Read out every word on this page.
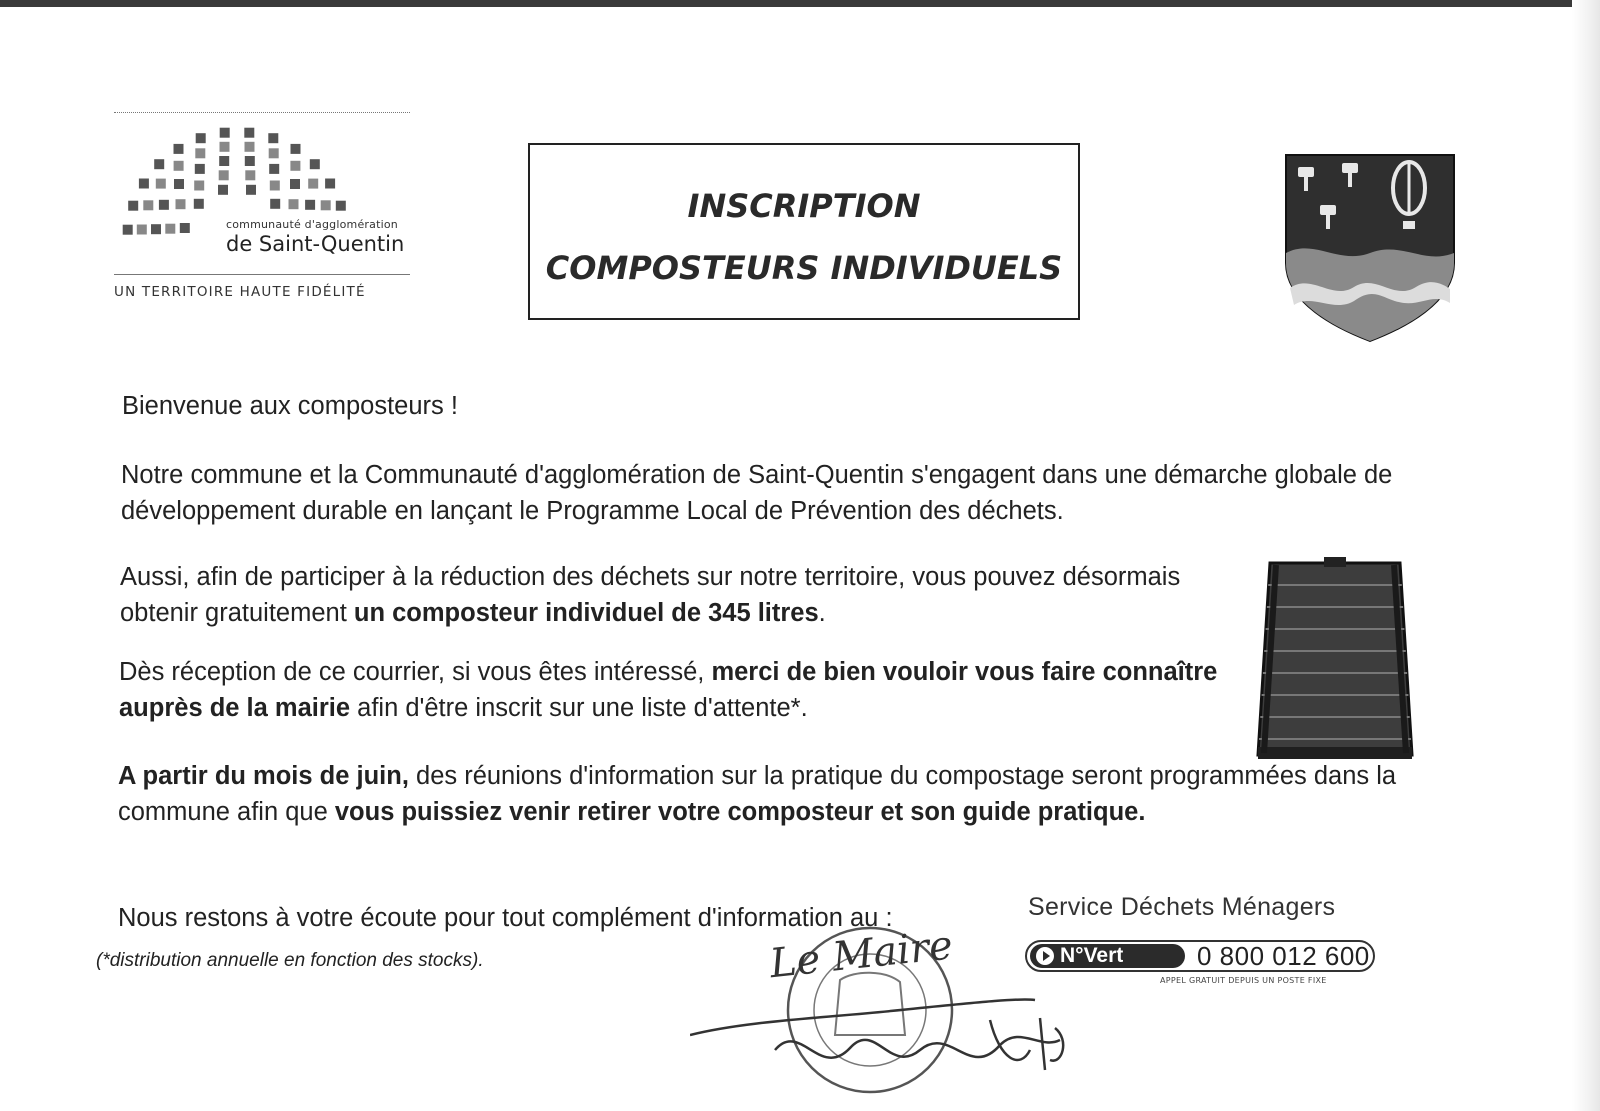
communauté d'agglomération
de Saint-Quentin
UN TERRITOIRE HAUTE FIDÉLITÉ
INSCRIPTION
COMPOSTEURS INDIVIDUELS
Bienvenue aux composteurs !
Notre commune et la Communauté d'agglomération de Saint-Quentin s'engagent dans une démarche globale de développement durable en lançant le Programme Local de Prévention des déchets.
Aussi, afin de participer à la réduction des déchets sur notre territoire, vous pouvez désormais obtenir gratuitement un composteur individuel de 345 litres.
Dès réception de ce courrier, si vous êtes intéressé, merci de bien vouloir vous faire connaître auprès de la mairie afin d'être inscrit sur une liste d'attente*.
A partir du mois de juin, des réunions d'information sur la pratique du compostage seront programmées dans la commune afin que vous puissiez venir retirer votre composteur et son guide pratique.
Nous restons à votre écoute pour tout complément d'information au :	Service Déchets Ménagers
N°Vert	0 800 012 600
APPEL GRATUIT DEPUIS UN POSTE FIXE
(*distribution annuelle en fonction des stocks).	Le Maire
